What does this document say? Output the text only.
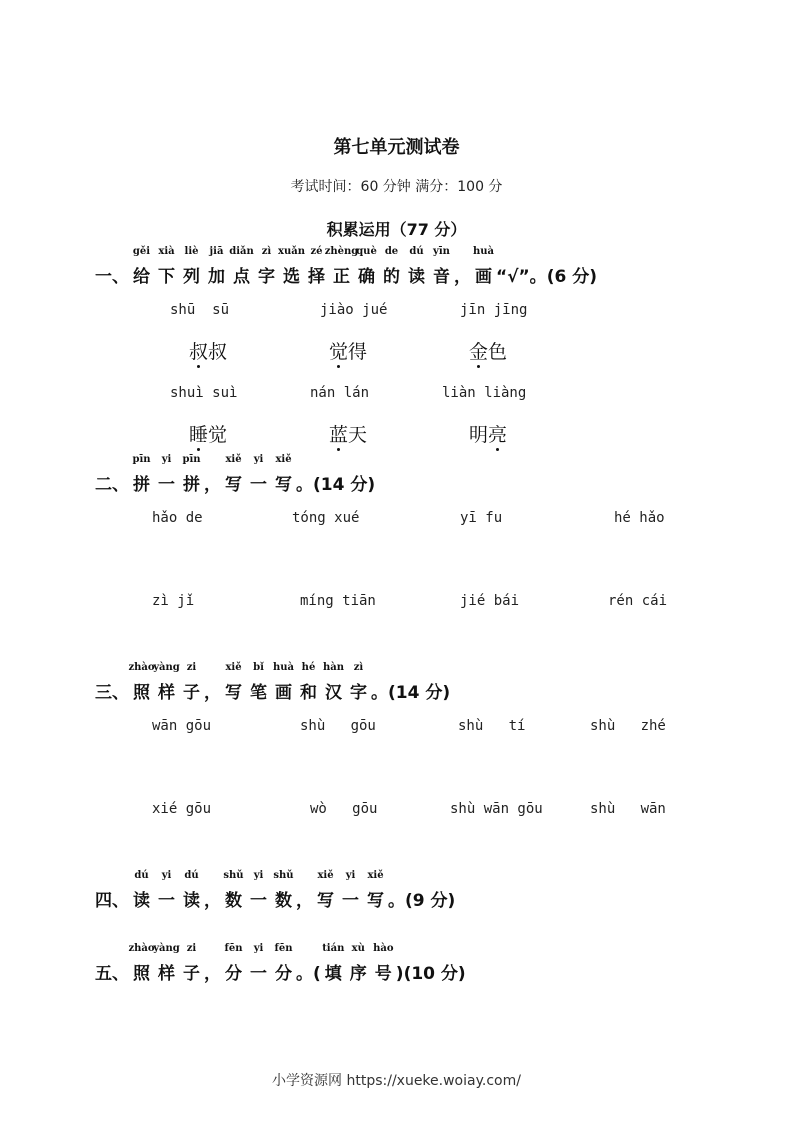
第七单元测试卷
考试时间：60 分钟 满分：100 分
积累运用（77 分）
一、
gěi
给
xià
下
liè
列
jiā
加
diǎn
点
zì
字
xuǎn
选
zé
择
zhèng
正
què
确
de
的
dú
读
yīn
音 ，
huà
画 “√”。(6 分)
二、
pīn
拼
yi
一
pīn
拼 ，
xiě
写
yi
一
xiě
写 。(14 分)
三、
zhào
照
yàng
样
zi
子 ，
xiě
写
bǐ
笔
huà
画
hé
和
hàn
汉
zì
字 。(14 分)
四、
dú
读
yi
一
dú
读 ，
shǔ
数
yi
一
shǔ
数 ，
xiě
写
yi
一
xiě
写 。(9 分)
五、
zhào
照
yàng
样
zi
子 ，
fēn
分
yi
一
fēn
分 。(
tián
填
xù
序
hào
号 )(10 分)
shū  sū	jiào jué	jīn jīng
shuì suì	nán lán	liàn liàng
叔叔	觉得	金色
睡觉	蓝天	明亮
hǎo de	tóng xué	yī fu	hé hǎo
zì jǐ	míng tiān	jié bái	rén cái
wān gōu	shù   gōu	shù   tí	shù   zhé
xié gōu	wò   gōu	shù wān gōu	shù   wān
小学资源网 https://xueke.woiay.com/
